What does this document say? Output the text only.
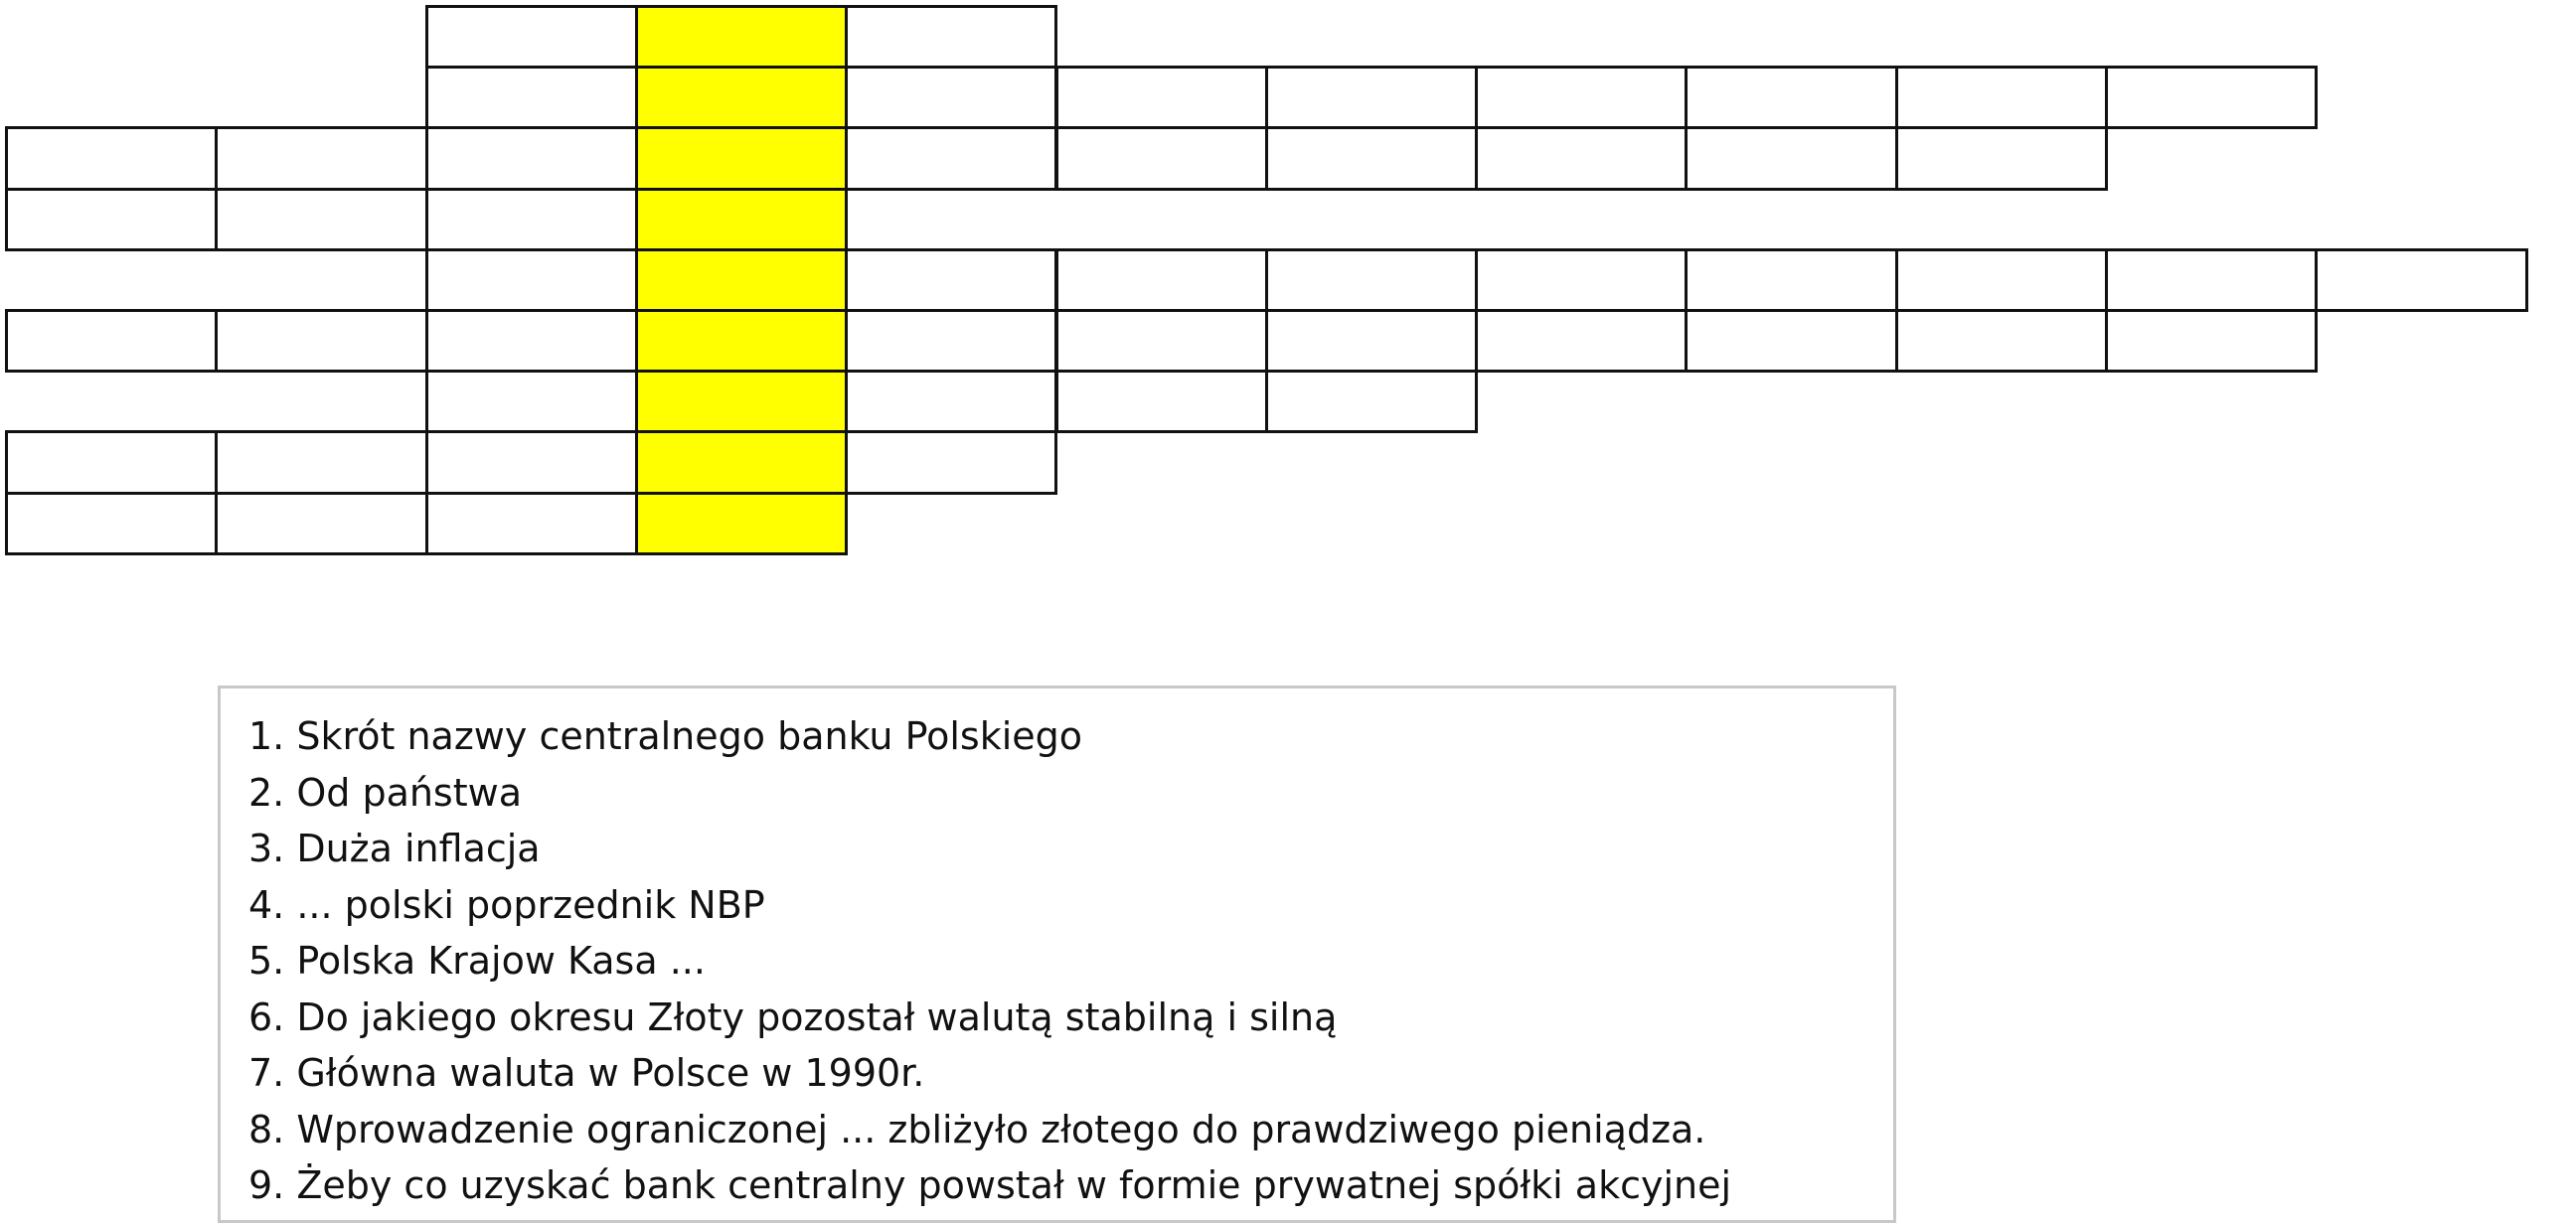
1. Skrót nazwy centralnego banku Polskiego
2. Od państwa
3. Duża inflacja
4. ... polski poprzednik NBP
5. Polska Krajow Kasa ...
6. Do jakiego okresu Złoty pozostał walutą stabilną i silną
7. Główna waluta w Polsce w 1990r.
8. Wprowadzenie ograniczonej ... zbliżyło złotego do prawdziwego pieniądza.
9. Żeby co uzyskać bank centralny powstał w formie prywatnej spółki akcyjnej
